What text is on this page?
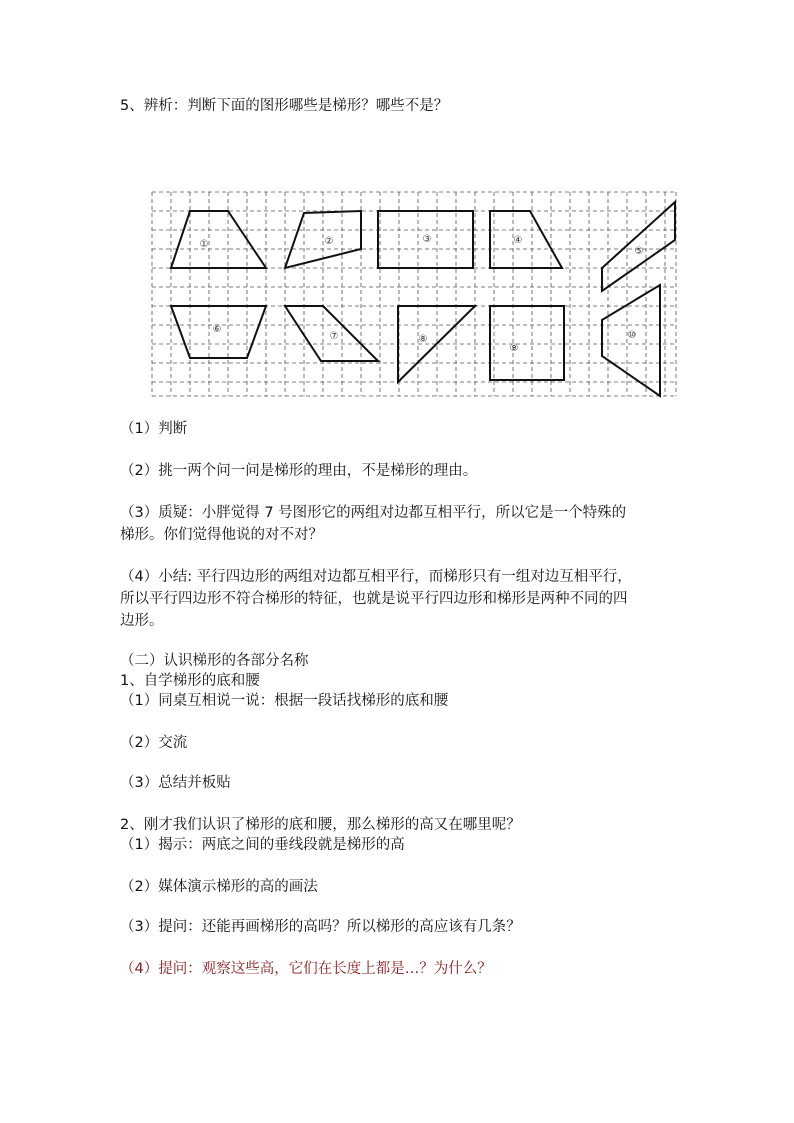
5、辨析：判断下面的图形哪些是梯形？哪些不是？
①	②	③	④
⑤
⑥
⑦	⑧
⑨
⑩
（1）判断
（2）挑一两个问一问是梯形的理由，不是梯形的理由。
（3）质疑：小胖觉得 7 号图形它的两组对边都互相平行，所以它是一个特殊的
梯形。你们觉得他说的对不对？
（4）小结: 平行四边形的两组对边都互相平行，而梯形只有一组对边互相平行，
所以平行四边形不符合梯形的特征，也就是说平行四边形和梯形是两种不同的四
边形。
（二）认识梯形的各部分名称
1、自学梯形的底和腰
（1）同桌互相说一说：根据一段话找梯形的底和腰
（2）交流
（3）总结并板贴
2、刚才我们认识了梯形的底和腰，那么梯形的高又在哪里呢？
（1）揭示：两底之间的垂线段就是梯形的高
（2）媒体演示梯形的高的画法
（3）提问：还能再画梯形的高吗？所以梯形的高应该有几条？
（4）提问：观察这些高，它们在长度上都是…？为什么？
